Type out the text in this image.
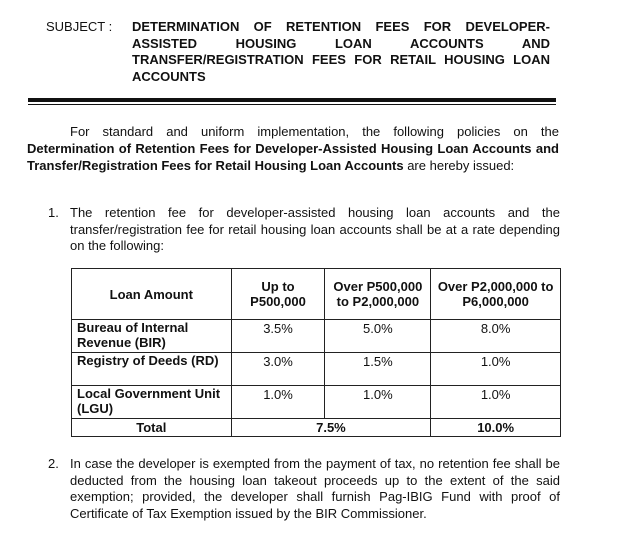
SUBJECT : DETERMINATION OF RETENTION FEES FOR DEVELOPER-ASSISTED HOUSING LOAN ACCOUNTS AND TRANSFER/REGISTRATION FEES FOR RETAIL HOUSING LOAN ACCOUNTS
For standard and uniform implementation, the following policies on the Determination of Retention Fees for Developer-Assisted Housing Loan Accounts and Transfer/Registration Fees for Retail Housing Loan Accounts are hereby issued:
1. The retention fee for developer-assisted housing loan accounts and the transfer/registration fee for retail housing loan accounts shall be at a rate depending on the following:
Loan Amount	Up to P500,000	Over P500,000 to P2,000,000	Over P2,000,000 to P6,000,000
Bureau of Internal Revenue (BIR)	3.5%	5.0%	8.0%
Registry of Deeds (RD)	3.0%	1.5%	1.0%
Local Government Unit (LGU)	1.0%	1.0%	1.0%
Total	7.5%		10.0%
2. In case the developer is exempted from the payment of tax, no retention fee shall be deducted from the housing loan takeout proceeds up to the extent of the said exemption; provided, the developer shall furnish Pag-IBIG Fund with proof of Certificate of Tax Exemption issued by the BIR Commissioner.
